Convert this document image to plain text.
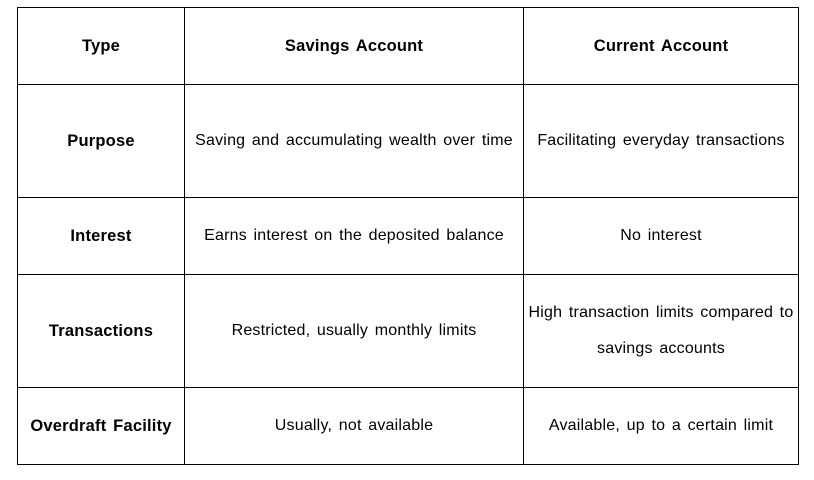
Type	Savings Account	Current Account
Purpose	Saving and accumulating wealth over time	Facilitating everyday transactions
Interest	Earns interest on the deposited balance	No interest
Transactions	Restricted, usually monthly limits	High transaction limits compared to savings accounts
Overdraft Facility	Usually, not available	Available, up to a certain limit
